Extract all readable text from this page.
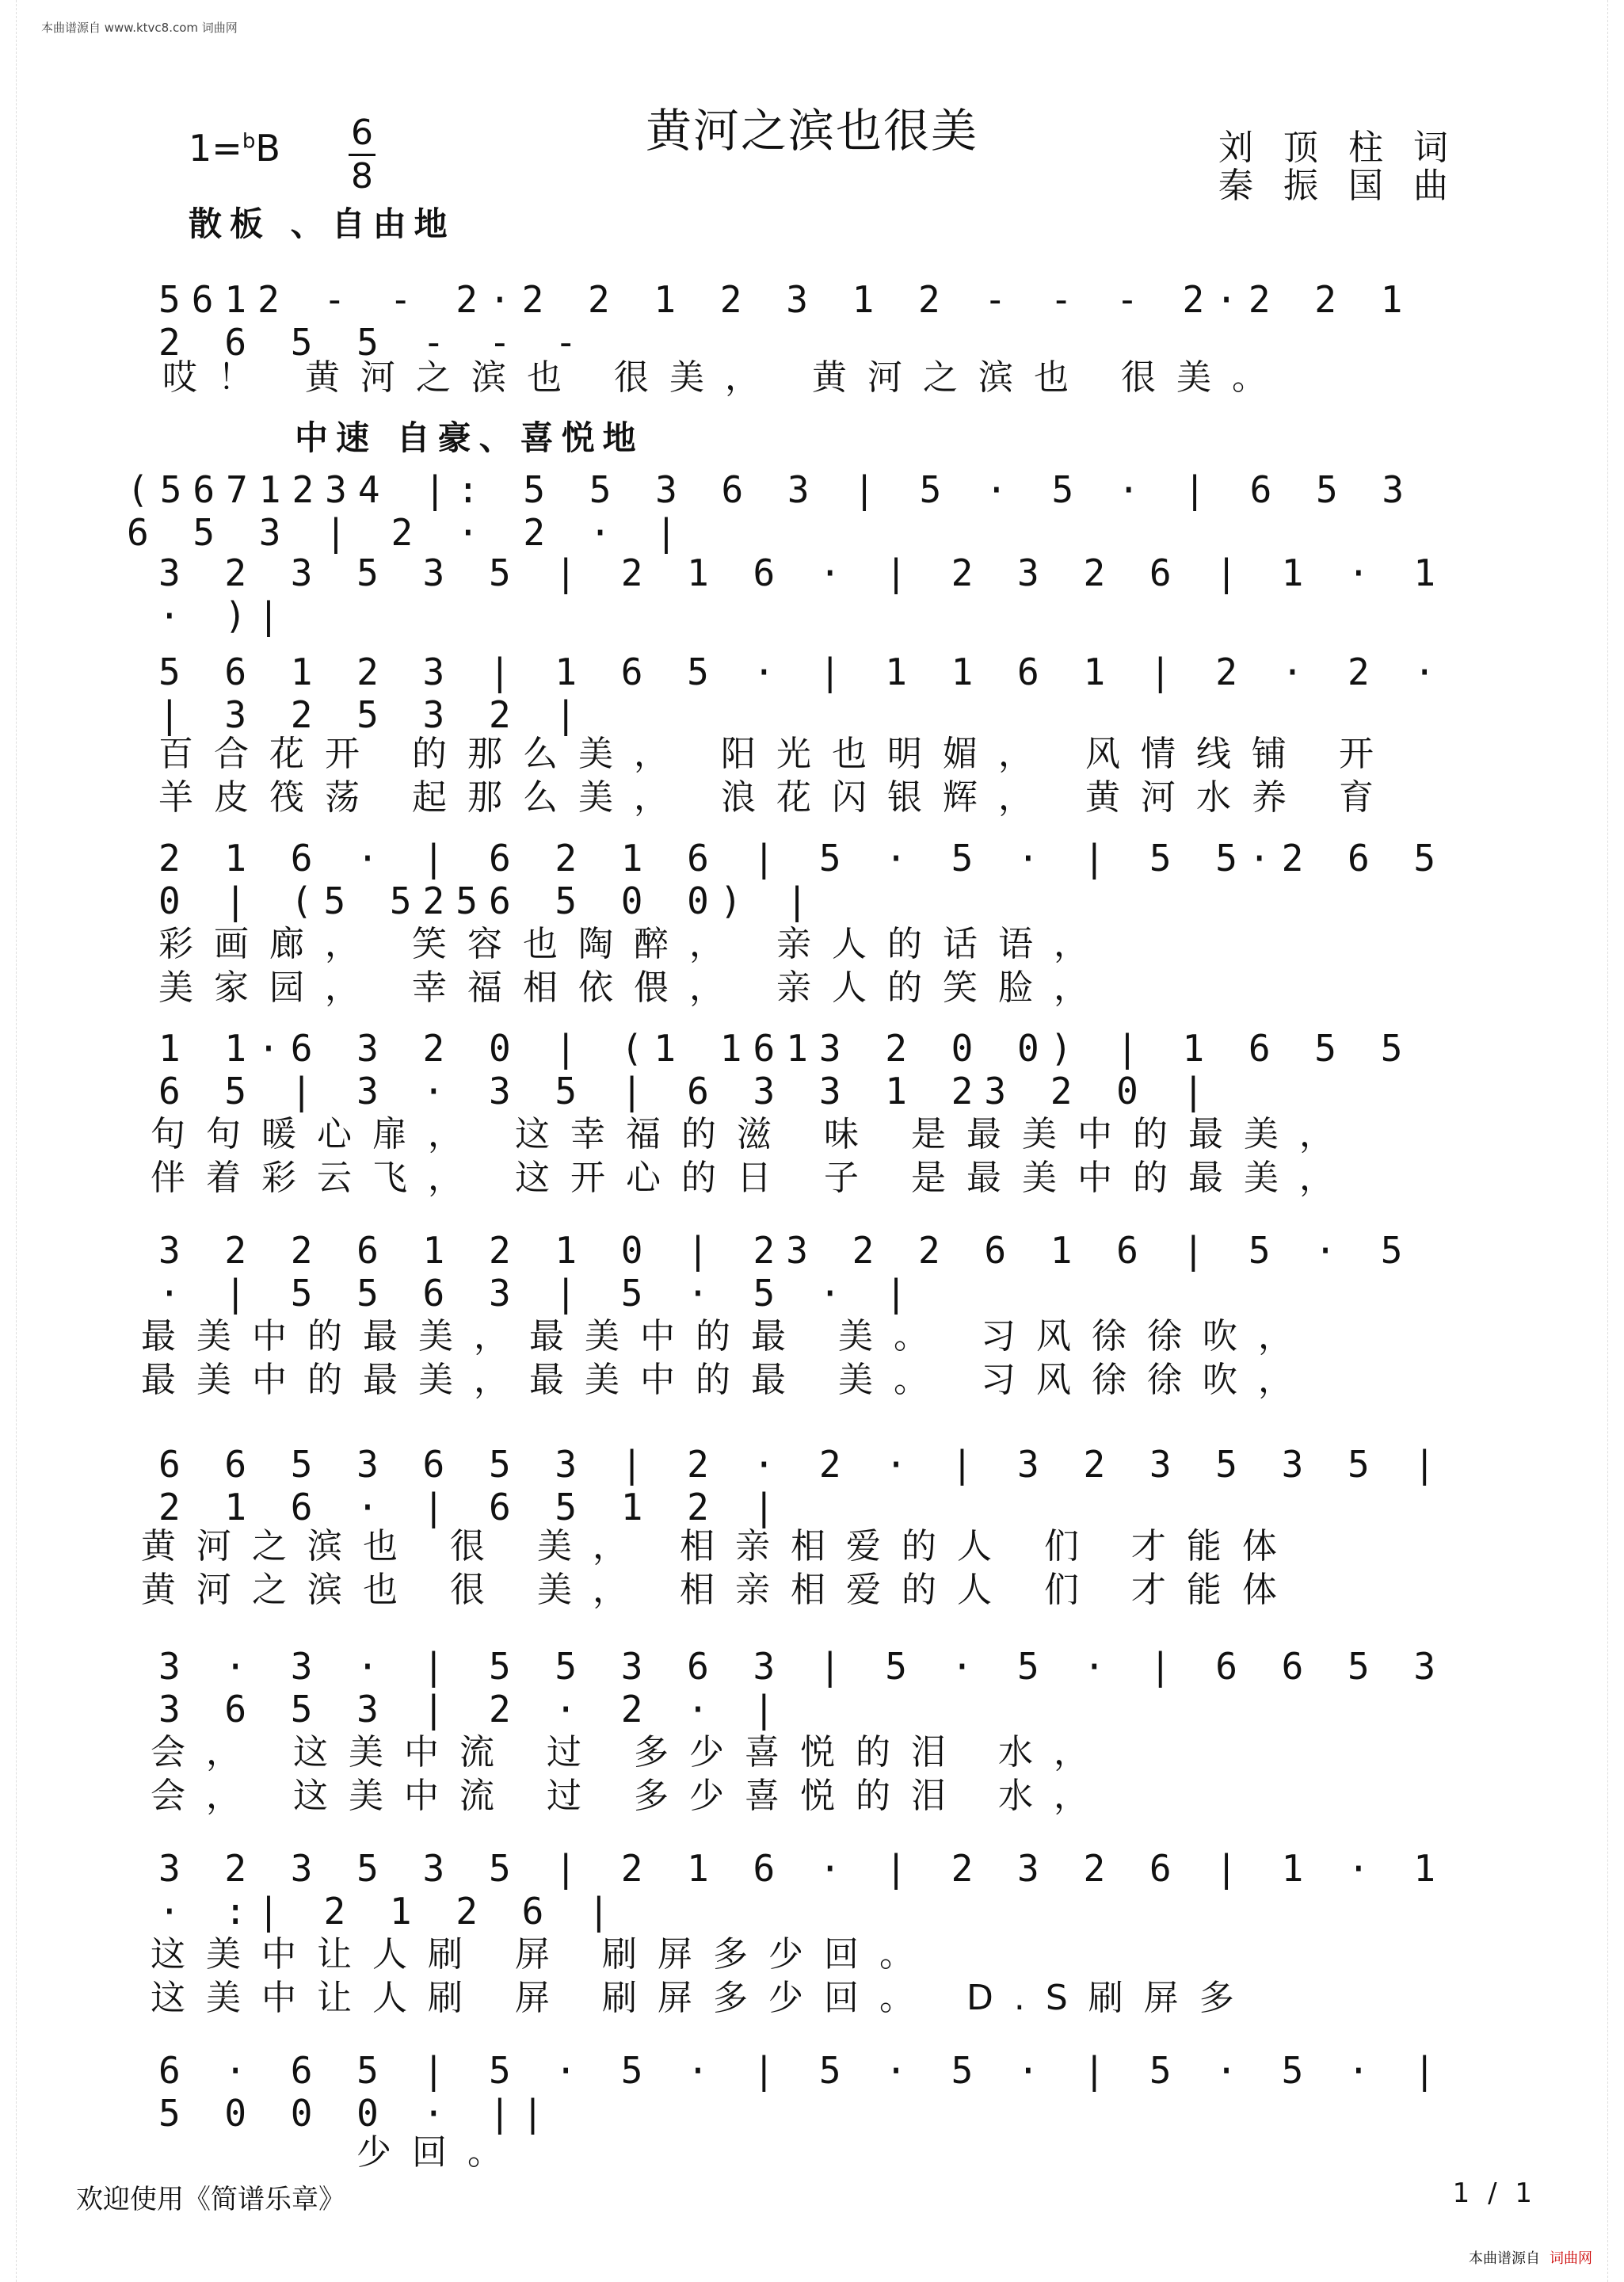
本曲谱源自 www.ktvc8.com 词曲网
黄河之滨也很美	刘 顶 柱 词
秦 振 国 曲
1=$^b$B 6
8
散板 、自由地
5612 - - 2·2 2 1 2 3 1 2 - - - 2·2 2 1 2 6 5 5 - - -
哎！ 黄河之滨也 很美， 黄河之滨也 很美。
中速 自豪、喜悦地
(5671234 |: 5 5 3 6 3 | 5 · 5 · | 6 5 3 6 5 3 | 2 · 2 · |
3 2 3 5 3 5 | 2 1 6 · | 2 3 2 6 | 1 · 1 · )|
5 6 1 2 3 | 1 6 5 · | 1 1 6 1 | 2 · 2 · | 3 2 5 3 2 |
百合花开 的那么美， 阳光也明媚， 风情线铺 开
羊皮筏荡 起那么美， 浪花闪银辉， 黄河水养 育
2 1 6 · | 6 2 1 6 | 5 · 5 · | 5 5·2 6 5 0 | (5 5256 5 0 0) |
彩画廊， 笑容也陶醉， 亲人的话语，
美家园， 幸福相依偎， 亲人的笑脸，
1 1·6 3 2 0 | (1 1613 2 0 0) | 1 6 5 5 6 5 | 3 · 3 5 | 6 3 3 1 23 2 0 |
句句暖心扉， 这幸福的滋 味 是最美中的最美，
伴着彩云飞， 这开心的日 子 是最美中的最美，
3 2 2 6 1 2 1 0 | 23 2 2 6 1 6 | 5 · 5 · | 5 5 6 3 | 5 · 5 · |
最美中的最美，最美中的最 美。 习风徐徐吹，
最美中的最美，最美中的最 美。 习风徐徐吹，
6 6 5 3 6 5 3 | 2 · 2 · | 3 2 3 5 3 5 | 2 1 6 · | 6 5 1 2 |
黄河之滨也 很 美， 相亲相爱的人 们 才能体
黄河之滨也 很 美， 相亲相爱的人 们 才能体
3 · 3 · | 5 5 3 6 3 | 5 · 5 · | 6 6 5 3 3 6 5 3 | 2 · 2 · |
会， 这美中流 过 多少喜悦的泪 水，
会， 这美中流 过 多少喜悦的泪 水，
3 2 3 5 3 5 | 2 1 6 · | 2 3 2 6 | 1 · 1 · :| 2 1 2 6 |
这美中让人刷 屏 刷屏多少回。
这美中让人刷 屏 刷屏多少回。 D.S刷屏多
6 · 6 5 | 5 · 5 · | 5 · 5 · | 5 · 5 · | 5 0 0 0 · ||
少回。
欢迎使用《简谱乐章》	1 / 1
本曲谱源自 词曲网
